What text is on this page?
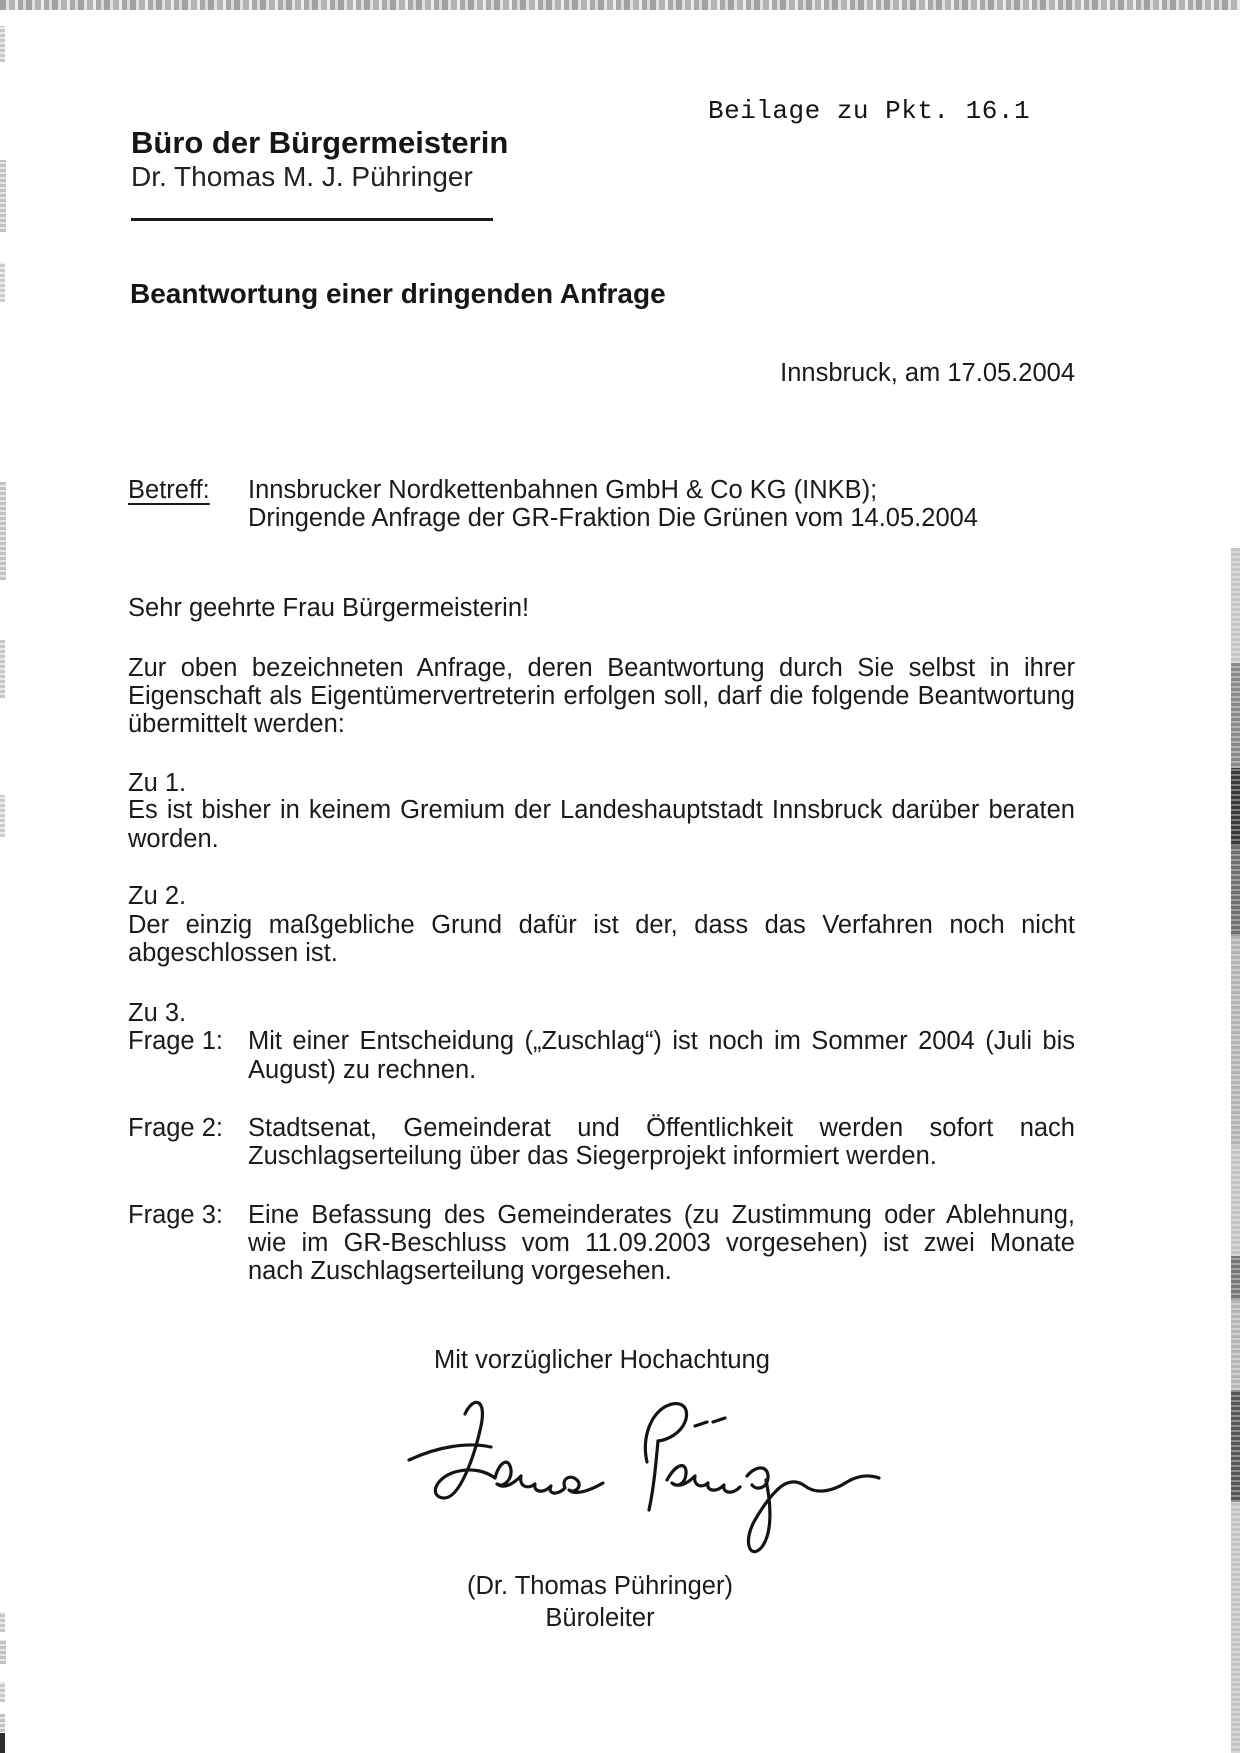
Beilage zu Pkt. 16.1
Büro der Bürgermeisterin
Dr. Thomas M. J. Pühringer
Beantwortung einer dringenden Anfrage
Innsbruck, am 17.05.2004
Betreff: Innsbrucker Nordkettenbahnen GmbH & Co KG (INKB);
Dringende Anfrage der GR-Fraktion Die Grünen vom 14.05.2004
Sehr geehrte Frau Bürgermeisterin!
Zur oben bezeichneten Anfrage, deren Beantwortung durch Sie selbst in ihrer
Eigenschaft als Eigentümervertreterin erfolgen soll, darf die folgende Beantwortung
übermittelt werden:
Zu 1.
Es ist bisher in keinem Gremium der Landeshauptstadt Innsbruck darüber beraten
worden.
Zu 2.
Der einzig maßgebliche Grund dafür ist der, dass das Verfahren noch nicht
abgeschlossen ist.
Zu 3.
Frage 1: Mit einer Entscheidung („Zuschlag“) ist noch im Sommer 2004 (Juli bis
August) zu rechnen.
Frage 2: Stadtsenat, Gemeinderat und Öffentlichkeit werden sofort nach
Zuschlagserteilung über das Siegerprojekt informiert werden.
Frage 3: Eine Befassung des Gemeinderates (zu Zustimmung oder Ablehnung,
wie im GR-Beschluss vom 11.09.2003 vorgesehen) ist zwei Monate
nach Zuschlagserteilung vorgesehen.
Mit vorzüglicher Hochachtung
(Dr. Thomas Pühringer)
Büroleiter
